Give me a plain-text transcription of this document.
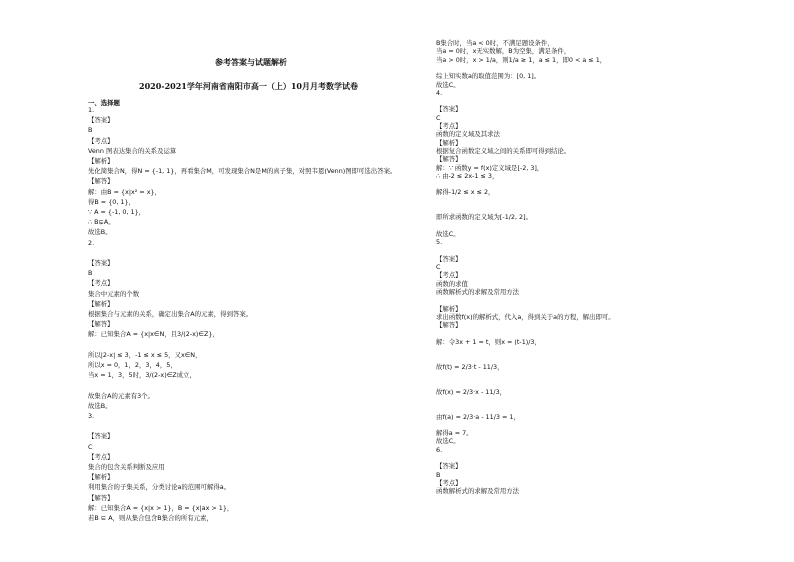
参考答案与试题解析
2020-2021学年河南省南阳市高一（上）10月月考数学试卷
一、选择题
1.
【答案】
B
【考点】
Venn 图表达集合的关系及运算
【解析】
先化简集合N，得N = {-1, 1}，再看集合M，可发现集合N是M的真子集，对照韦恩(Venn)图即可选出答案。
【解答】
解：由B = {x|x² = x}，
得B = {0, 1}，
∵ A = {-1, 0, 1}，
∴ B⊊A。
故选B。
2.
【答案】
B
【考点】
集合中元素的个数
【解析】
根据集合与元素的关系，确定出集合A的元素，得到答案。
【解答】
解：已知集合A = {x|x∈N，且3/(2-x)∈Z}，
所以|2-x| ≤ 3，-1 ≤ x ≤ 5，又x∈N，
所以x = 0，1，2，3，4，5，
当x = 1，3，5时，3/(2-x)∈Z成立，
故集合A的元素有3个。
故选B。
3.
【答案】
C
【考点】
集合的包含关系判断及应用
【解析】
利用集合的子集关系，分类讨论a的范围可解得a。
【解答】
解：已知集合A = {x|x > 1}，B = {x|ax > 1}，
若B ⊆ A，则从集合包含B集合的所有元素，
B集合时，当a < 0时，不满足题设条件，
当a = 0时，x无实数解，B为空集，满足条件，
当a > 0时，x > 1/a，则1/a ≥ 1，a ≤ 1，即0 < a ≤ 1，
综上知实数a的取值范围为：[0, 1]。
故选C。
4.
【答案】
C
【考点】
函数的定义域及其求法
【解析】
根据复合函数定义域之间的关系即可得到结论。
【解答】
解：∵ 函数y = f(x)定义域是[-2, 3]，
∴ 由-2 ≤ 2x-1 ≤ 3，
解得-1/2 ≤ x ≤ 2，
即所求函数的定义域为[-1/2, 2]。
故选C。
5.
【答案】
C
【考点】
函数的求值
函数解析式的求解及常用方法
【解析】
求出函数f(x)的解析式，代入a，得到关于a的方程，解出即可。
【解答】
解：令3x + 1 = t，则x = (t-1)/3，
故f(t) = 2/3·t - 11/3，
故f(x) = 2/3·x - 11/3，
由f(a) = 2/3·a - 11/3 = 1，
解得a = 7。
故选C。
6.
【答案】
B
【考点】
函数解析式的求解及常用方法
